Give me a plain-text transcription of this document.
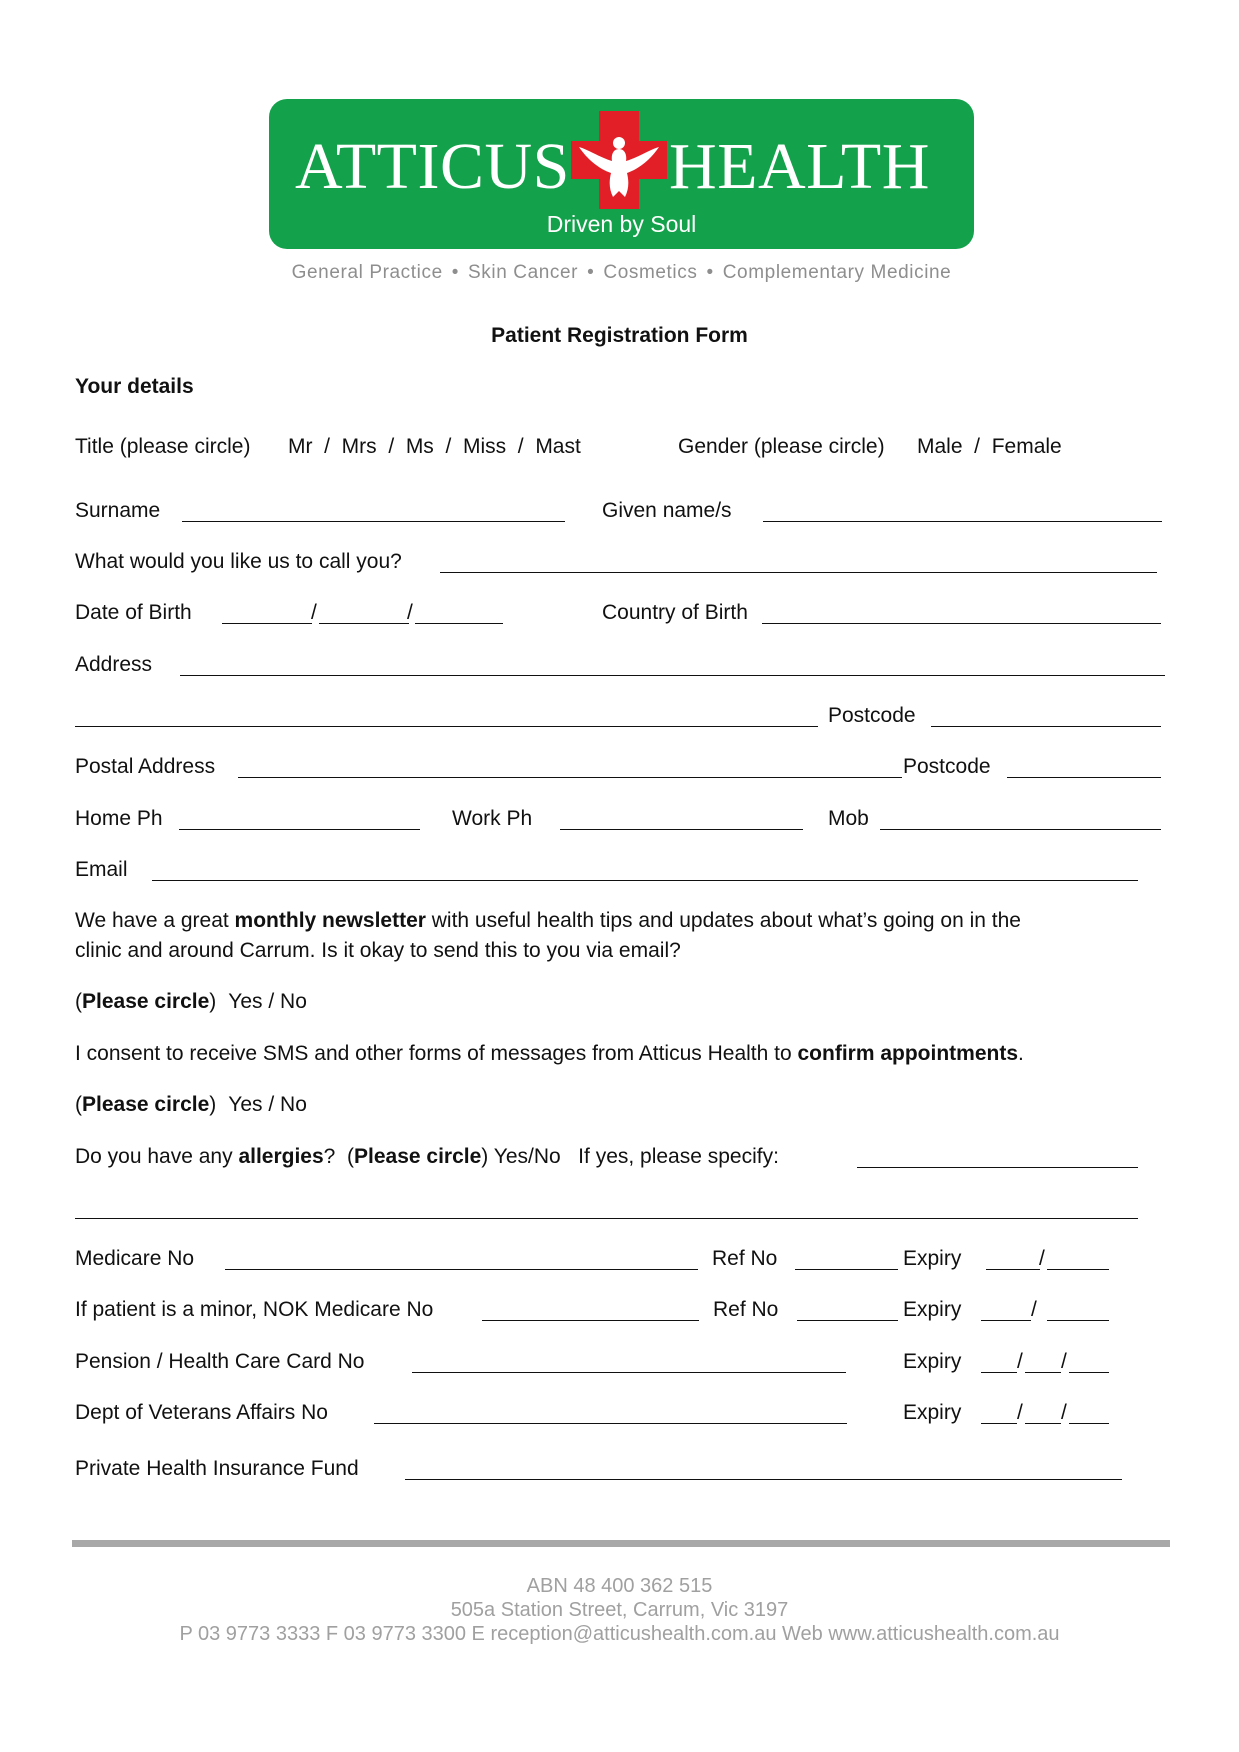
ATTICUS HEALTH
Driven by Soul
General Practice • Skin Cancer • Cosmetics • Complementary Medicine
Patient Registration Form
Your details
Title (please circle) Mr  /  Mrs  /  Ms  /  Miss  /  Mast	Gender (please circle) Male  /  Female
Surname	Given name/s
What would you like us to call you?
Date of Birth	/	/	Country of Birth
Address
Postcode
Postal Address	Postcode
Home Ph	Work Ph	Mob
Email
We have a great monthly newsletter with useful health tips and updates about what’s going on in the
clinic and around Carrum. Is it okay to send this to you via email?
(Please circle) Yes / No
I consent to receive SMS and other forms of messages from Atticus Health to confirm appointments.
(Please circle) Yes / No
Do you have any allergies?  (Please circle) Yes/No   If yes, please specify:
Medicare No	Ref No	Expiry	/
If patient is a minor, NOK Medicare No	Ref No	Expiry	/
Pension / Health Care Card No	Expiry	/ /
Dept of Veterans Affairs No	Expiry	/ /
Private Health Insurance Fund
ABN 48 400 362 515
505a Station Street, Carrum, Vic 3197
P 03 9773 3333 F 03 9773 3300 E reception@atticushealth.com.au Web www.atticushealth.com.au
